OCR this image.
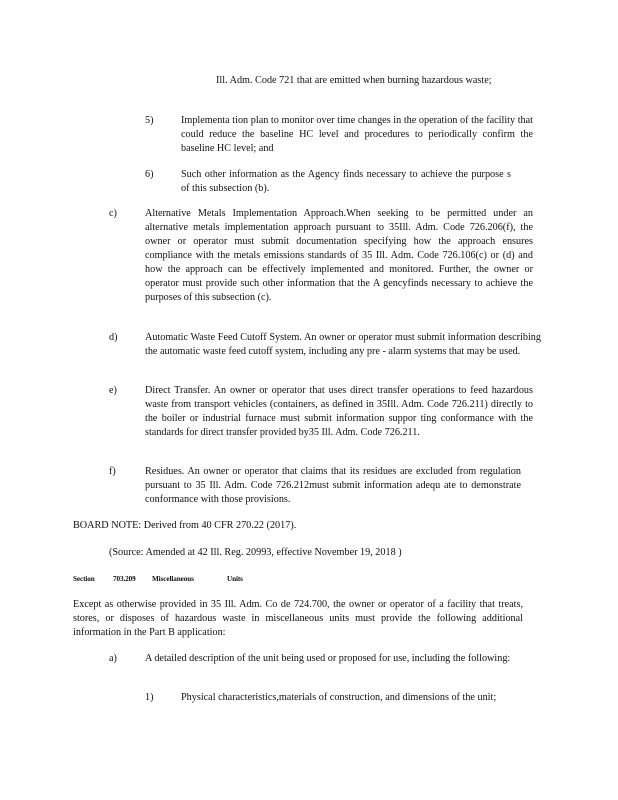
Ill. Adm. Code 721 that are emitted when burning hazardous waste;
5)	Implementa tion plan to monitor over time changes in the operation of the facility that could reduce the baseline HC level and procedures to periodically confirm the baseline HC level; and
6)	Such other information as the Agency finds necessary to achieve the purpose s of this subsection (b).
c)	Alternative Metals Implementation Approach.When seeking to be permitted under an alternative metals implementation approach pursuant to 35Ill. Adm. Code 726.206(f), the owner or operator must submit documentation specifying how the approach ensures compliance with the metals emissions standards of 35 Ill. Adm. Code 726.106(c) or (d) and how the approach can be effectively implemented and monitored. Further, the owner or operator must provide such other information that the A gencyfinds necessary to achieve the purposes of this subsection (c).
d)	Automatic Waste Feed Cutoff System. An owner or operator must submit information describing the automatic waste feed cutoff system, including any pre - alarm systems that may be used.
e)	Direct Transfer. An owner or operator that uses direct transfer operations to feed hazardous waste from transport vehicles (containers, as defined in 35Ill. Adm. Code 726.211) directly to the boiler or industrial furnace must submit information suppor ting conformance with the standards for direct transfer provided by35 Ill. Adm. Code 726.211.
f)	Residues. An owner or operator that claims that its residues are excluded from regulation pursuant to 35 Ill. Adm. Code 726.212must submit information adequ ate to demonstrate conformance with those provisions.
BOARD NOTE: Derived from 40 CFR 270.22 (2017).
(Source: Amended at 42 Ill. Reg. 20993, effective November 19, 2018 )
Section	703.209 Miscellaneous	Units
Except as otherwise provided in 35 Ill. Adm. Co de 724.700, the owner or operator of a facility that treats, stores, or disposes of hazardous waste in miscellaneous units must provide the following additional information in the Part B application:
a)	A detailed description of the unit being used or proposed for use, including the following:
1)	Physical characteristics,materials of construction, and dimensions of the unit;
